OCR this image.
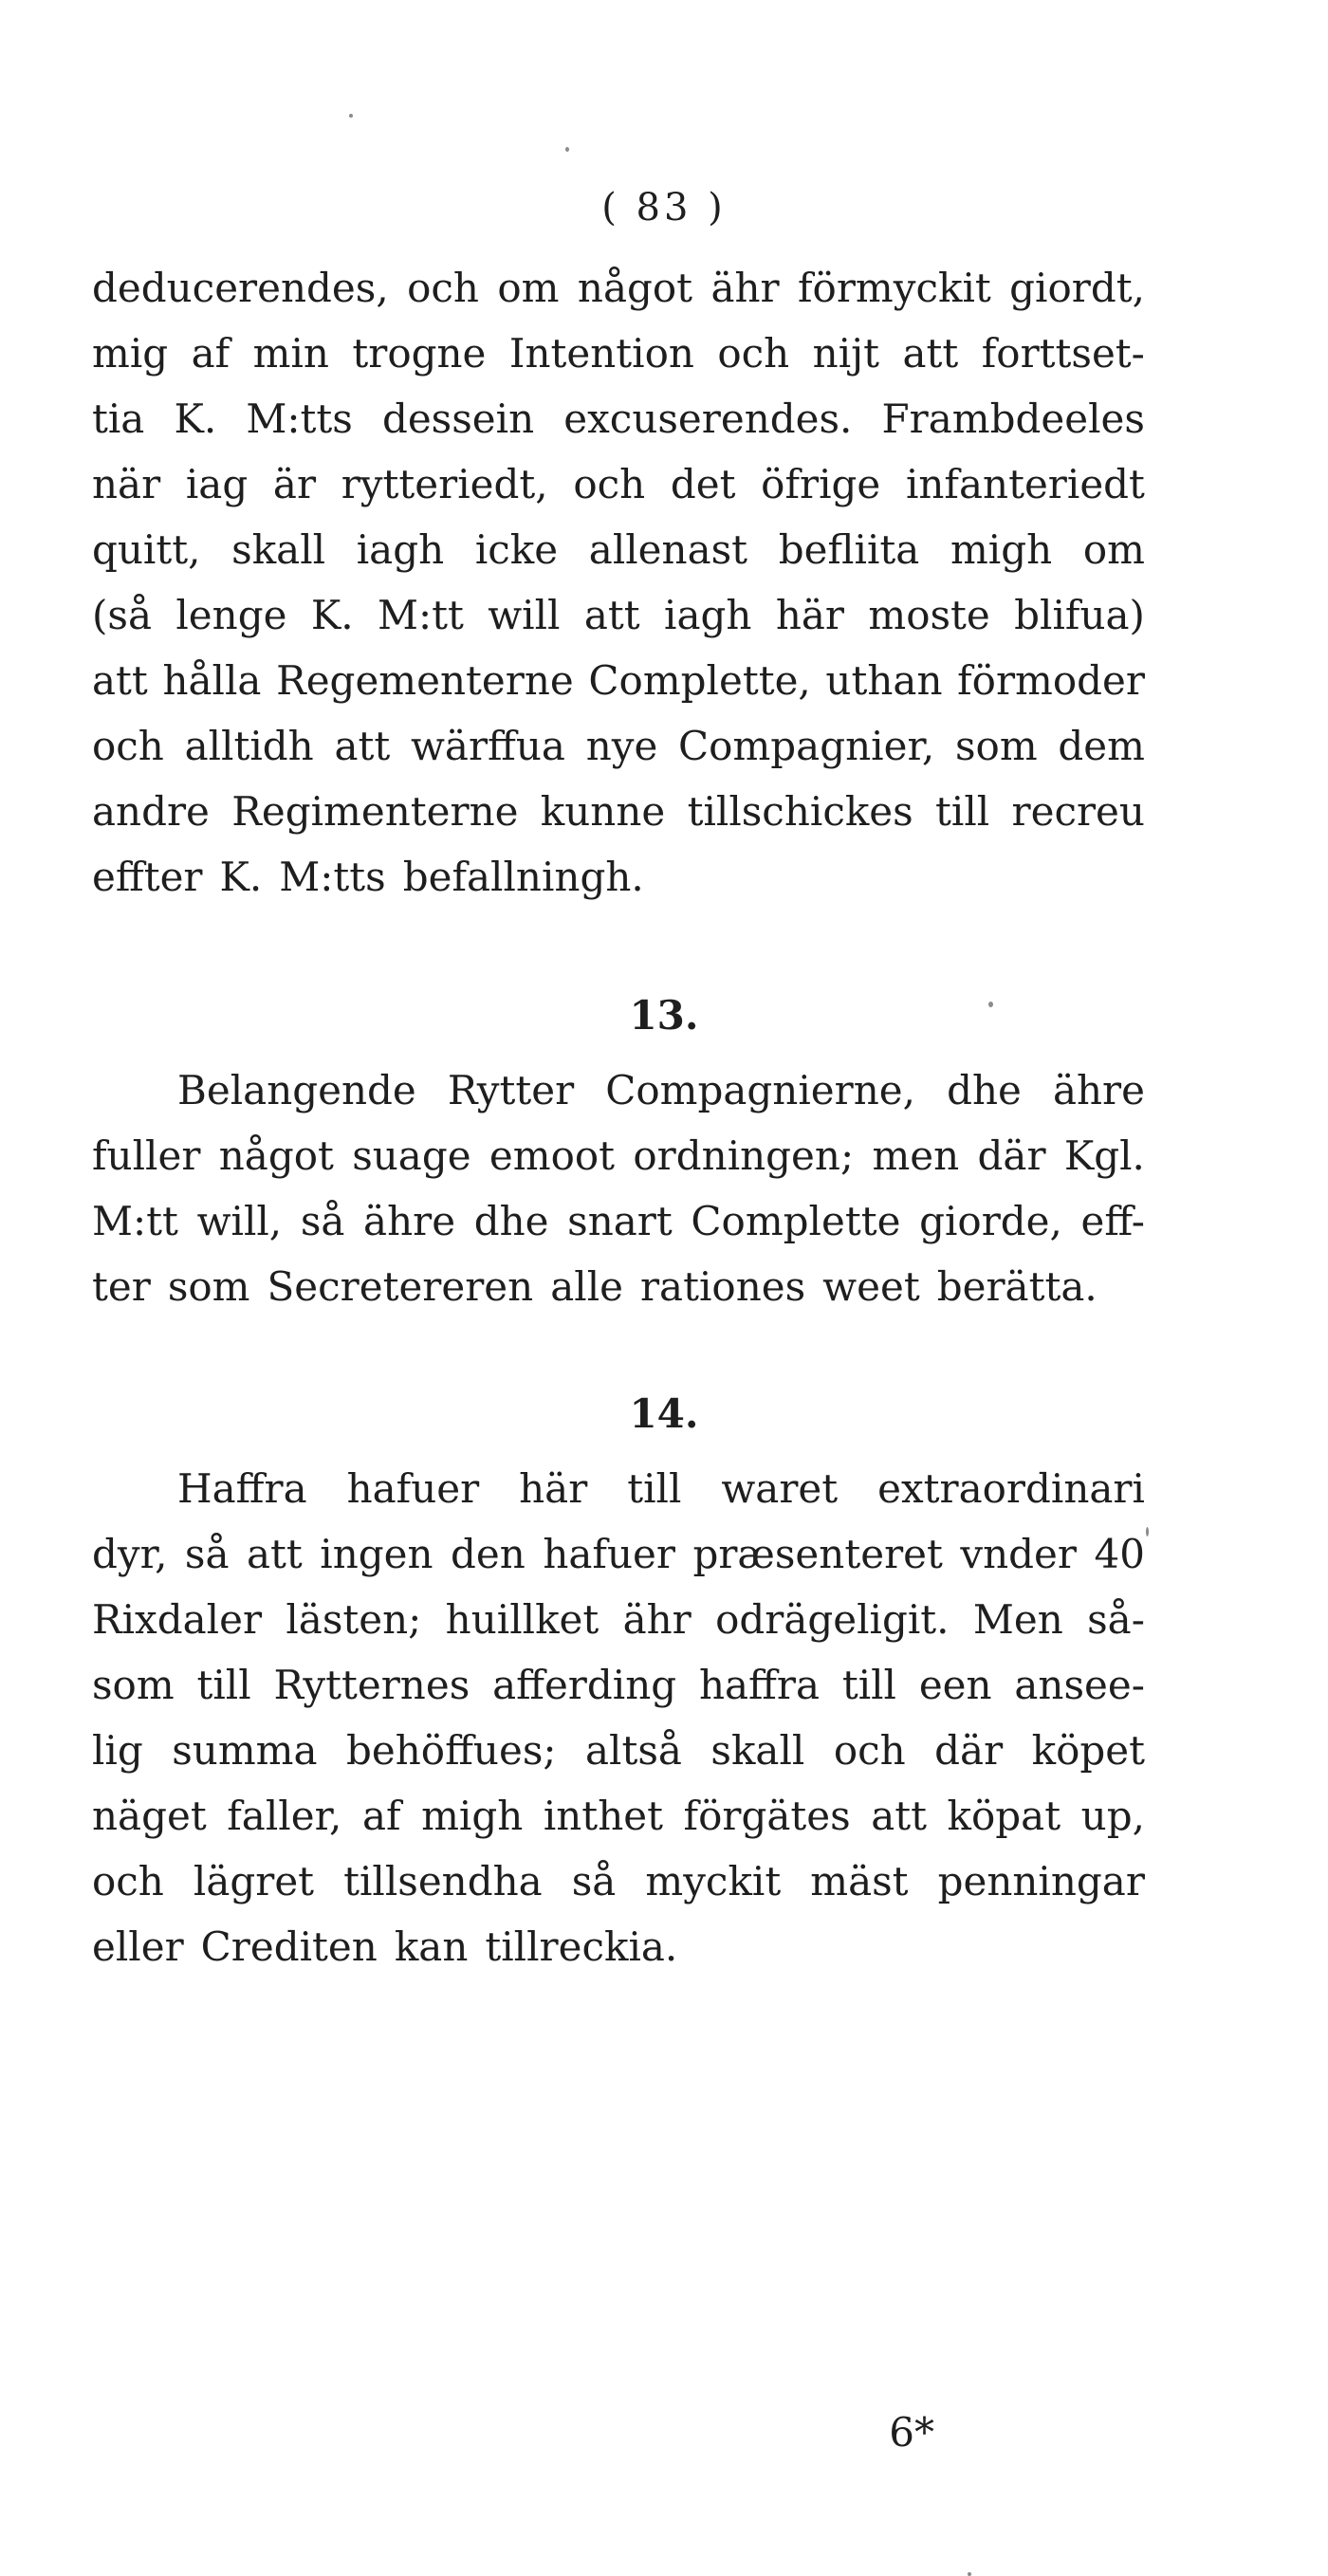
( 83 )
deducerendes, och om något ähr förmyckit giordt,
mig af min trogne Intention och nijt att forttset-
tia K. M:tts dessein excuserendes. Frambdeeles
när iag är rytteriedt, och det öfrige infanteriedt
quitt, skall iagh icke allenast befliita migh om
(så lenge K. M:tt will att iagh här moste blifua)
att hålla Regementerne Complette, uthan förmoder
och alltidh att wärffua nye Compagnier, som dem
andre Regimenterne kunne tillschickes till recreu
effter K. M:tts befallningh.
13.
Belangende Rytter Compagnierne, dhe ähre
fuller något suage emoot ordningen; men där Kgl.
M:tt will, så ähre dhe snart Complette giorde, eff-
ter som Secretereren alle rationes weet berätta.
14.
Haffra hafuer här till waret extraordinari
dyr, så att ingen den hafuer præsenteret vnder 40
Rixdaler lästen; huillket ähr odrägeligit. Men så-
som till Rytternes afferding haffra till een ansee-
lig summa behöffues; altså skall och där köpet
näget faller, af migh inthet förgätes att köpat up,
och lägret tillsendha så myckit mäst penningar
eller Crediten kan tillreckia.
6*
